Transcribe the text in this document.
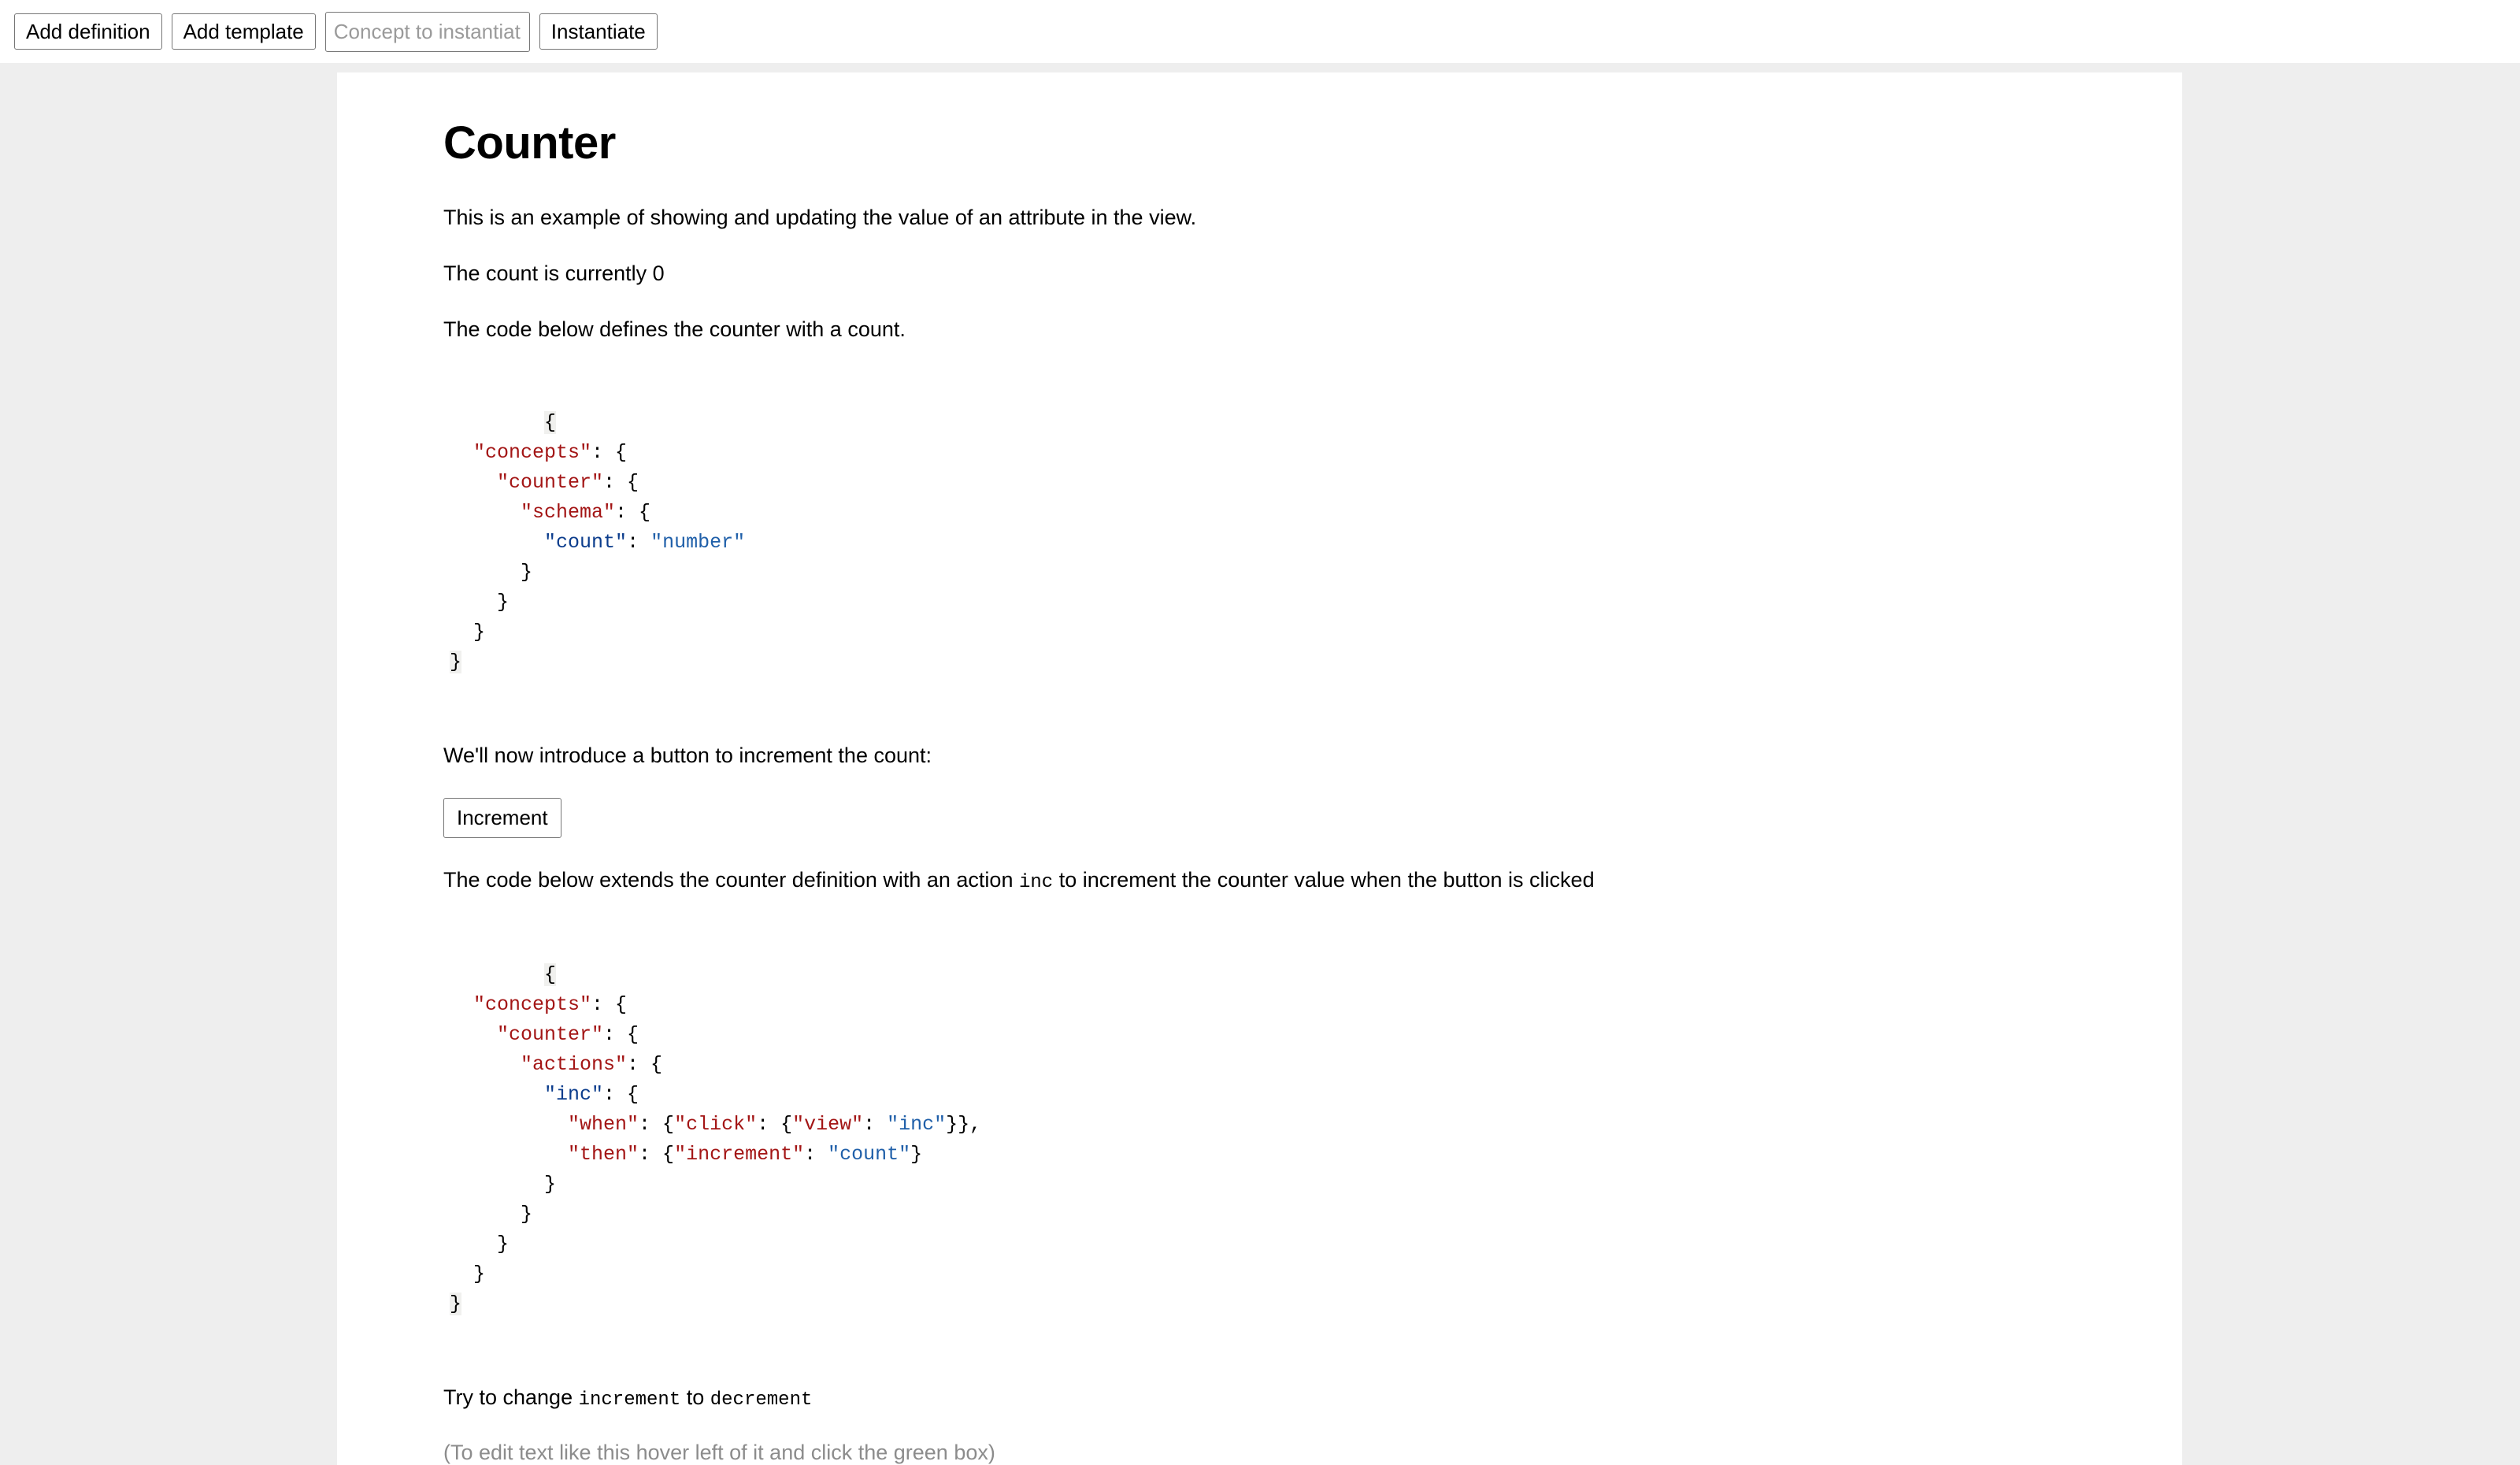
Add definition	Add template
Concept to instantiate	Instantiate
Counter

This is an example of showing and updating the value of an attribute in the view.

The count is currently 0

The code below defines the counter with a count.

{
"concepts": {
"counter": {
"schema": {
"count": "number"
}
}
}
}

We'll now introduce a button to increment the count:

Increment

The code below extends the counter definition with an action inc to increment the counter value when the button is clicked

{
"concepts": {
"counter": {
"actions": {
"inc": {
"when": {"click": {"view": "inc"}},
"then": {"increment": "count"}
}
}
}
}
}

Try to change increment to decrement

(To edit text like this hover left of it and click the green box)
